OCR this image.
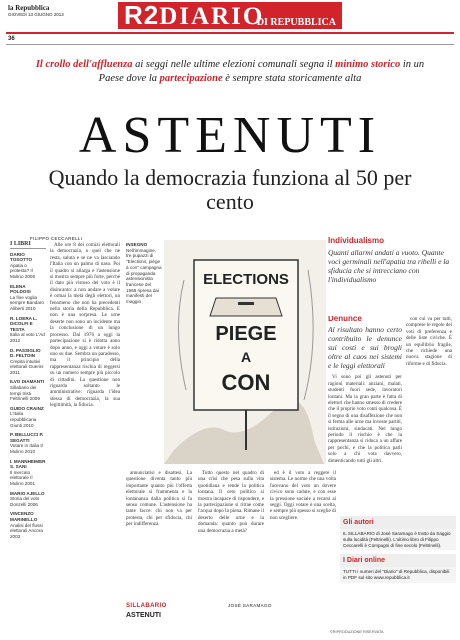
la Repubblica
GIOVEDÌ 13 GIUGNO 2013 R2DIARIO
DI REPUBBLICA
36
Il crollo dell'affluenza ai seggi nelle ultime elezioni comunali segna il minimo storico in un Paese dove la partecipazione è sempre stata storicamente alta
ASTENUTI
Quando la democrazia funziona al 50 per cento
FILIPPO CECCARELLI
I LIBRI
DARIO TOSOTTO
Apatia o protesta? Il Mulino 2006
ELENA POLDOSI
La fine voglia sempre Bandaro Aliberti 2010
R. LOERA L. DICOLFI E TESTA
Italia al voto L'Ad 2012
D. PASSIGLIO D. FELTOIN
Crepita intuitivi elettorali Guerini 2011
ILVO DIAMANTI
Sillabario dei tempi tristi Feltrinelli 2009
GUIDO CRAINZ
L'Italia repubblicana Giunti 2010
P. BELLUCCI P. SEGATTI
Votare in Italia Il Mulino 2010
I. MANNHEIMER S. SANI
Il mercato elettorale Il Mulino 2001
MARIO AJELLO
Storia del voto Donzelli 2006
VINCENZO MARINELLO
Analisi del flussi elettorali Ancora 2003

Alle ore 8 dei comizi elettorali la democrazia, o quel che ne resta, saluta e se ne va lasciando l'Italia con un palmo di naso. Poi il quadro si allarga e l'astensione si mostra sempre più forte, perché il dato più vistoso del voto è il disincanto: a non andare a votare è ormai la metà degli elettori, un fenomeno che non ha precedenti nella storia della Repubblica. E non è una sorpresa. Le urne deserte non sono un incidente ma la conclusione di un lungo processo. Dal 1976 a oggi la partecipazione si è ridotta anno dopo anno, e oggi a votare è solo uno su due. Sembra un paradosso, ma il principio della rappresentanza rischia di reggersi su un numero sempre più piccolo di cittadini. La questione non riguarda soltanto le amministrative: riguarda l'idea stessa di democrazia, la sua legittimità, la fiducia.

INSEGNO
Nell'immagine, tre pupazzi di "Elections, piège à con" campagna di propaganda astensionista francese del 1968 ripresa dai manifesti del maggio
ELECTIONS
PIEGE
A
CON

annunciatisi e disattesi. La questione diventa tanto più importante quanto più l'offerta elettorale si frammenta e la lontananza dalla politica si fa senso comune. L'astensione ha tante facce: chi non va per protesta, chi per sfiducia, chi per indifferenza.

Tutto questo nel quadro di una crisi che pesa sulla vita quotidiana e rende la politica lontana. Il ceto politico si mostra incapace di rispondere, e la partecipazione si ritrae come l'acqua dopo la piena. Rimane il deserto delle urne e la domanda: quanto può durare una democrazia a metà?

ed è il voto a reggere il sistema. Le norme che una volta facevano del voto un dovere civico sono cadute, e con esse la pressione sociale a recarsi ai seggi. Oggi votare è una scelta, e sempre più spesso si sceglie di non scegliere.

SILLABARIO	JOSÉ SARAMAGO
ASTENUTI
Individualismo
Quanti allarmi andati a vuoto. Quante voci germinali nell'apatia tra ribelli e la sfiducia che si intrecciano con l'individualismo
Denunce
Al risultato hanno certo contribuito le denunce sui costi e sui brogli oltre al caos nei sistemi e le leggi elettorali

Vi sono poi gli astenuti per ragioni materiali: anziani, malati, studenti fuori sede, lavoratori lontani. Ma la gran parte è fatta di elettori che hanno smesso di credere che il proprio voto conti qualcosa. È il segno di una disaffezione che non si ferma alle urne ma investe partiti, istituzioni, sindacati. Nel lungo periodo il rischio è che la rappresentanza si riduca a un affare per pochi, e che la politica parli solo a chi vota davvero, dimenticando tutti gli altri.

con cui va per tutti, comprese le regole dei voti di preferenza e delle liste civiche. È un equilibrio fragile, che richiede una nuova stagione di riforme e di fiducia.

Gli autori
IL SILLABARIO di José Saramago è tratto da Saggio sulla lucidità (Feltrinelli). L'ultimo libro di Filippo Ceccarelli è Compagni di fine secolo (Feltrinelli).
I Diari online
TUTTI i numeri del "Diario" di Repubblica, disponibili in PDF sul sito www.repubblica.it
©RIPRODUZIONE RISERVATA
